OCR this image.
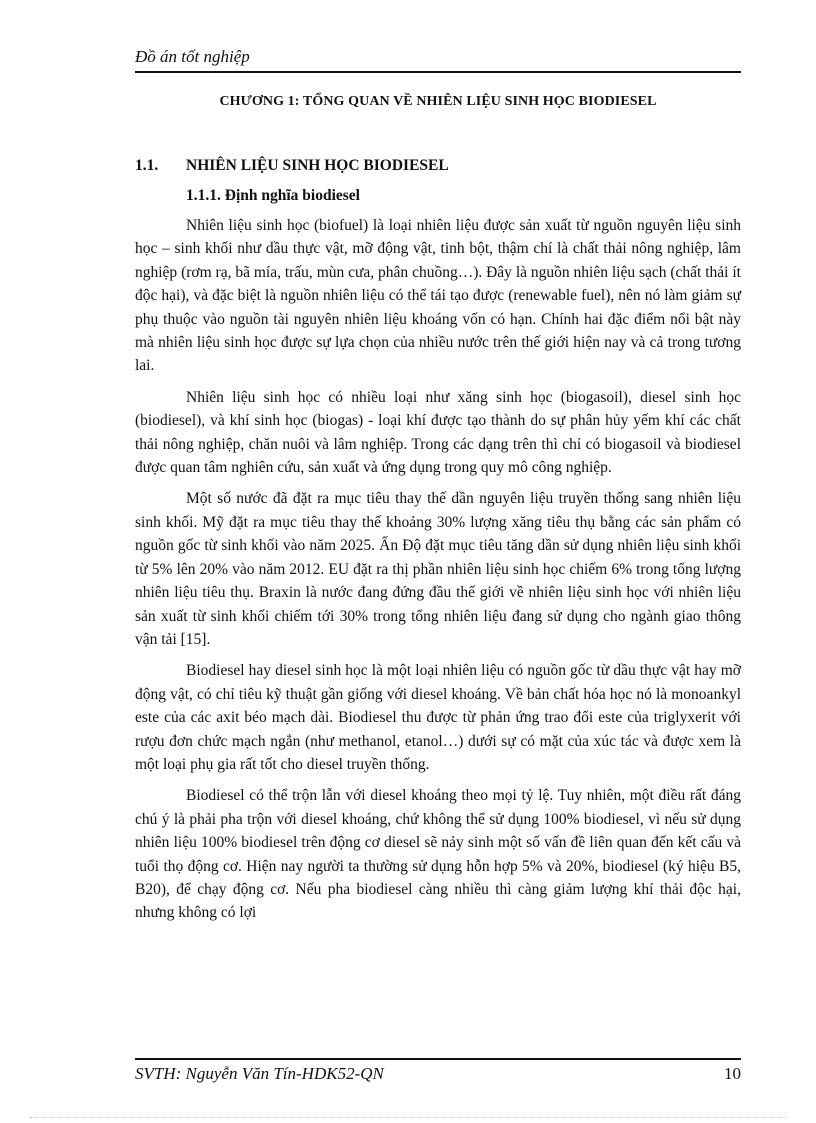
Đồ án tốt nghiệp
CHƯƠNG 1: TỔNG QUAN VỀ NHIÊN LIỆU SINH HỌC BIODIESEL
1.1. NHIÊN LIỆU SINH HỌC BIODIESEL
1.1.1. Định nghĩa biodiesel

Nhiên liệu sinh học (biofuel) là loại nhiên liệu được sản xuất từ nguồn nguyên liệu sinh học – sinh khối như dầu thực vật, mỡ động vật, tinh bột, thậm chí là chất thải nông nghiệp, lâm nghiệp (rơm rạ, bã mía, trấu, mùn cưa, phân chuồng…). Đây là nguồn nhiên liệu sạch (chất thải ít độc hại), và đặc biệt là nguồn nhiên liệu có thể tái tạo được (renewable fuel), nên nó làm giảm sự phụ thuộc vào nguồn tài nguyên nhiên liệu khoáng vốn có hạn. Chính hai đặc điểm nổi bật này mà nhiên liệu sinh học được sự lựa chọn của nhiều nước trên thế giới hiện nay và cả trong tương lai.

Nhiên liệu sinh học có nhiều loại như xăng sinh học (biogasoil), diesel sinh học (biodiesel), và khí sinh học (biogas) - loại khí được tạo thành do sự phân hủy yếm khí các chất thải nông nghiệp, chăn nuôi và lâm nghiệp. Trong các dạng trên thì chỉ có biogasoil và biodiesel được quan tâm nghiên cứu, sản xuất và ứng dụng trong quy mô công nghiệp.

Một số nước đã đặt ra mục tiêu thay thế dần nguyên liệu truyền thống sang nhiên liệu sinh khối. Mỹ đặt ra mục tiêu thay thế khoảng 30% lượng xăng tiêu thụ bằng các sản phẩm có nguồn gốc từ sinh khối vào năm 2025. Ấn Độ đặt mục tiêu tăng dần sử dụng nhiên liệu sinh khối từ 5% lên 20% vào năm 2012. EU đặt ra thị phần nhiên liệu sinh học chiếm 6% trong tổng lượng nhiên liệu tiêu thụ. Braxin là nước đang đứng đầu thế giới về nhiên liệu sinh học với nhiên liệu sản xuất từ sinh khối chiếm tới 30% trong tổng nhiên liệu đang sử dụng cho ngành giao thông vận tải [15].

Biodiesel hay diesel sinh học là một loại nhiên liệu có nguồn gốc từ dầu thực vật hay mỡ động vật, có chỉ tiêu kỹ thuật gần giống với diesel khoáng. Về bản chất hóa học nó là monoankyl este của các axit béo mạch dài. Biodiesel thu được từ phản ứng trao đổi este của triglyxerit với rượu đơn chức mạch ngắn (như methanol, etanol…) dưới sự có mặt của xúc tác và được xem là một loại phụ gia rất tốt cho diesel truyền thống.

Biodiesel có thể trộn lẫn với diesel khoáng theo mọi tỷ lệ. Tuy nhiên, một điều rất đáng chú ý là phải pha trộn với diesel khoáng, chứ không thể sử dụng 100% biodiesel, vì nếu sử dụng nhiên liệu 100% biodiesel trên động cơ diesel sẽ nảy sinh một số vấn đề liên quan đến kết cấu và tuổi thọ động cơ. Hiện nay người ta thường sử dụng hỗn hợp 5% và 20%, biodiesel (ký hiệu B5, B20), để chạy động cơ. Nếu pha biodiesel càng nhiều thì càng giảm lượng khí thải độc hại, nhưng không có lợi

SVTH: Nguyễn Văn Tín-HDK52-QN	10
